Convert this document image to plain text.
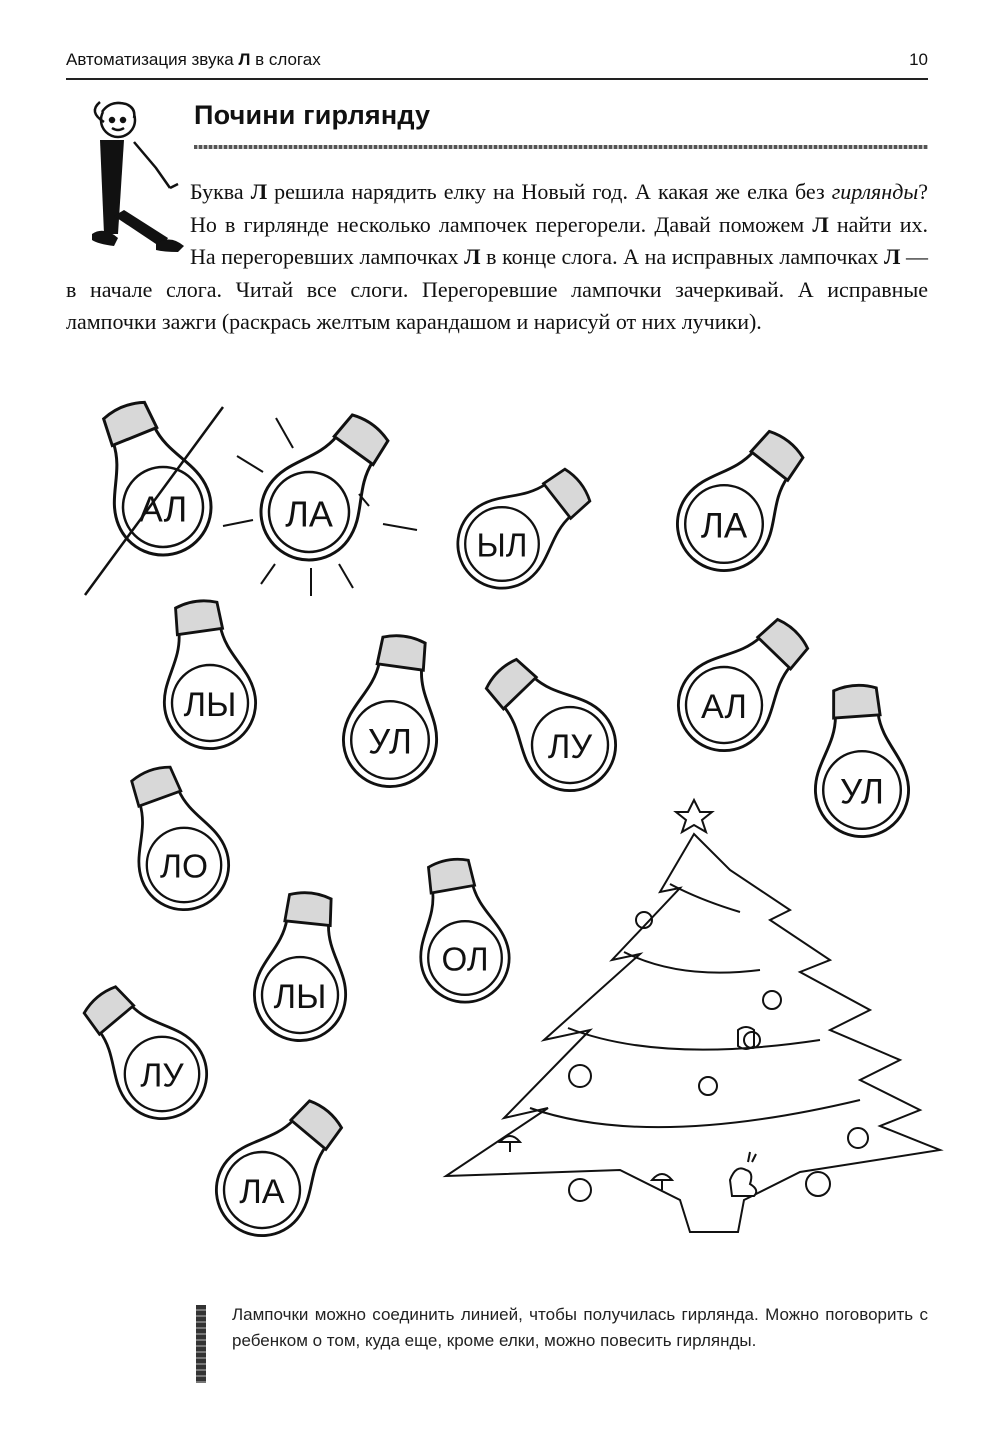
Автоматизация звука Л в слогах	10
Почини гирлянду
Буква Л решила нарядить елку на Новый год. А какая же елка без гирлянды? Но в гирлянде несколько лампочек перегорели. Давай поможем Л найти их. На перегоревших лампочках Л в конце слога. А на исправных лампочках Л — в начале слога. Читай все слоги. Перегоревшие лампочки зачеркивай. А исправные лампочки зажги (раскрась желтым карандашом и нарисуй от них лучики).
АЛ	ЛА
ЫЛ
ЛА
ЛЫ
УЛ	ЛУ
АЛ
УЛ
ЛО
ЛЫ
ОЛ
ЛУ
ЛА
Лампочки можно соединить линией, чтобы получилась гирлянда. Можно поговорить с ребенком о том, куда еще, кроме елки, можно повесить гирлянды.
